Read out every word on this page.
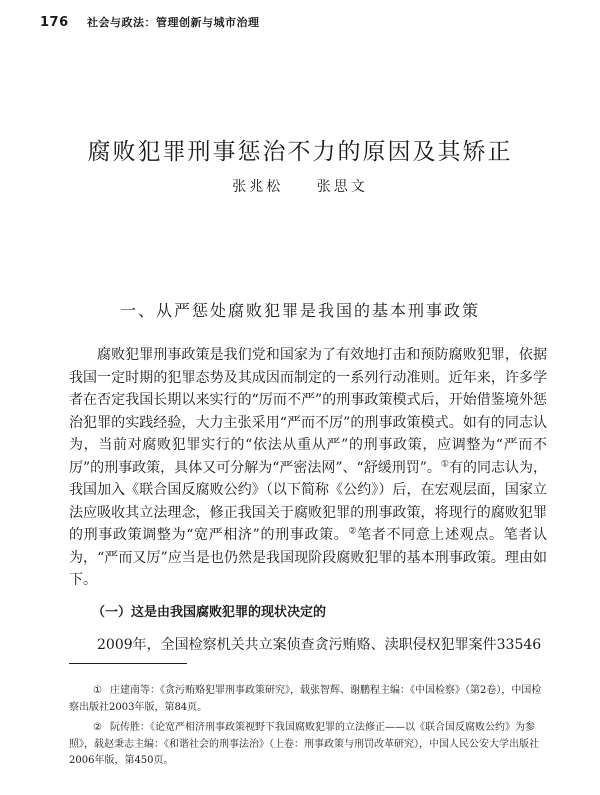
176 社会与政法：管理创新与城市治理
腐败犯罪刑事惩治不力的原因及其矫正
张兆松 张思文
一、从严惩处腐败犯罪是我国的基本刑事政策

腐败犯罪刑事政策是我们党和国家为了有效地打击和预防腐败犯罪，依据我国一定时期的犯罪态势及其成因而制定的一系列行动准则。近年来，许多学者在否定我国长期以来实行的“厉而不严”的刑事政策模式后，开始借鉴境外惩治犯罪的实践经验，大力主张采用“严而不厉”的刑事政策模式。如有的同志认为，当前对腐败犯罪实行的“依法从重从严”的刑事政策，应调整为“严而不厉”的刑事政策，具体又可分解为“严密法网”、“舒缓刑罚”。①有的同志认为，我国加入《联合国反腐败公约》（以下简称《公约》）后，在宏观层面，国家立法应吸收其立法理念，修正我国关于腐败犯罪的刑事政策，将现行的腐败犯罪的刑事政策调整为“宽严相济”的刑事政策。②笔者不同意上述观点。笔者认为，“严而又厉”应当是也仍然是我国现阶段腐败犯罪的基本刑事政策。理由如下。

（一）这是由我国腐败犯罪的现状决定的
2009年，全国检察机关共立案侦查贪污贿赂、渎职侵权犯罪案件33546

① 庄建南等：《贪污贿赂犯罪刑事政策研究》，载张智辉、谢鹏程主编：《中国检察》（第2卷），中国检察出版社2003年版，第84页。

② 阮传胜：《论宽严相济刑事政策视野下我国腐败犯罪的立法修正——以《联合国反腐败公约》为参照》，载赵秉志主编：《和谐社会的刑事法治》（上卷：刑事政策与刑罚改革研究），中国人民公安大学出版社2006年版，第450页。
